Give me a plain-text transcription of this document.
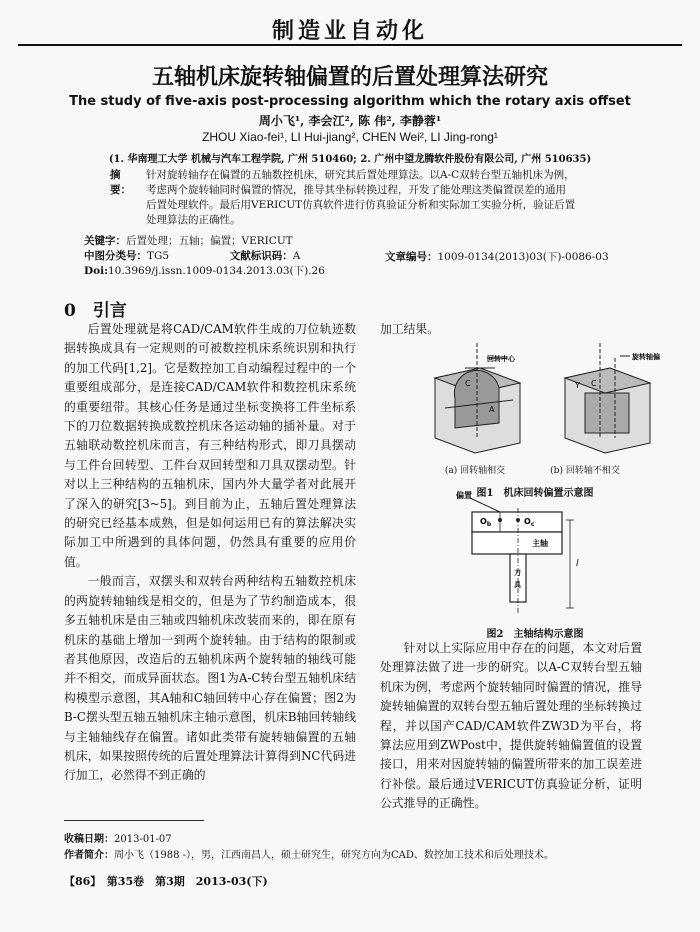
制造业自动化
五轴机床旋转轴偏置的后置处理算法研究
The study of five-axis post-processing algorithm which the rotary axis offset
周小飞¹, 李会江², 陈 伟², 李静蓉¹
ZHOU Xiao-fei¹, LI Hui-jiang², CHEN Wei², LI Jing-rong¹
(1. 华南理工大学 机械与汽车工程学院, 广州 510460; 2. 广州中望龙腾软件股份有限公司, 广州 510635)
摘　要：
针对旋转轴存在偏置的五轴数控机床，研究其后置处理算法。以A-C双转台型五轴机床为例，
考虑两个旋转轴同时偏置的情况，推导其坐标转换过程，开发了能处理这类偏置误差的通用
后置处理软件。最后用VERICUT仿真软件进行仿真验证分析和实际加工实验分析，验证后置
处理算法的正确性。
关键字：后置处理；五轴；偏置；VERICUT
中图分类号：TG5	文献标识码：A
Doi:10.3969/j.issn.1009-0134.2013.03(下).26
文章编号：1009-0134(2013)03(下)-0086-03
0　引言

后置处理就是将CAD/CAM软件生成的刀位轨迹数据转换成具有一定规则的可被数控机床系统识别和执行的加工代码[1,2]。它是数控加工自动编程过程中的一个重要组成部分，是连接CAD/CAM软件和数控机床系统的重要纽带。其核心任务是通过坐标变换将工件坐标系下的刀位数据转换成数控机床各运动轴的插补量。对于五轴联动数控机床而言，有三种结构形式，即刀具摆动与工件台回转型、工件台双回转型和刀具双摆动型。针对以上三种结构的五轴机床，国内外大量学者对此展开了深入的研究[3~5]。到目前为止，五轴后置处理算法的研究已经基本成熟，但是如何运用已有的算法解决实际加工中所遇到的具体问题，仍然具有重要的应用价值。

一般而言，双摆头和双转台两种结构五轴数控机床的两旋转轴轴线是相交的，但是为了节约制造成本，很多五轴机床是由三轴或四轴机床改装而来的，即在原有机床的基础上增加一到两个旋转轴。由于结构的限制或者其他原因，改造后的五轴机床两个旋转轴的轴线可能并不相交，而成异面状态。图1为A-C转台型五轴机床结构模型示意图，其A轴和C轴回转中心存在偏置；图2为B-C摆头型五轴五轴机床主轴示意图，机床B轴回转轴线与主轴轴线存在偏置。诸如此类带有旋转轴偏置的五轴机床，如果按照传统的后置处理算法计算得到NC代码进行加工，必然得不到正确的

加工结果。
回转中心	旋转轴偏
C
A
C
Y
(a) 回转轴相交	(b) 回转轴不相交
图1　机床回转偏置示意图
偏置
$O_b$	$O_c$
主轴
刀
具
l
图2　主轴结构示意图

针对以上实际应用中存在的问题，本文对后置处理算法做了进一步的研究。以A-C双转台型五轴机床为例，考虑两个旋转轴同时偏置的情况，推导旋转轴偏置的双转台型五轴后置处理的坐标转换过程，并以国产CAD/CAM软件ZW3D为平台，将算法应用到ZWPost中，提供旋转轴偏置值的设置接口，用来对因旋转轴的偏置所带来的加工误差进行补偿。最后通过VERICUT仿真验证分析，证明公式推导的正确性。

收稿日期：2013-01-07
作者简介：周小飞（1988 -），男，江西南昌人，硕士研究生，研究方向为CAD、数控加工技术和后处理技术。
【86】　第35卷　第3期　2013-03(下)
